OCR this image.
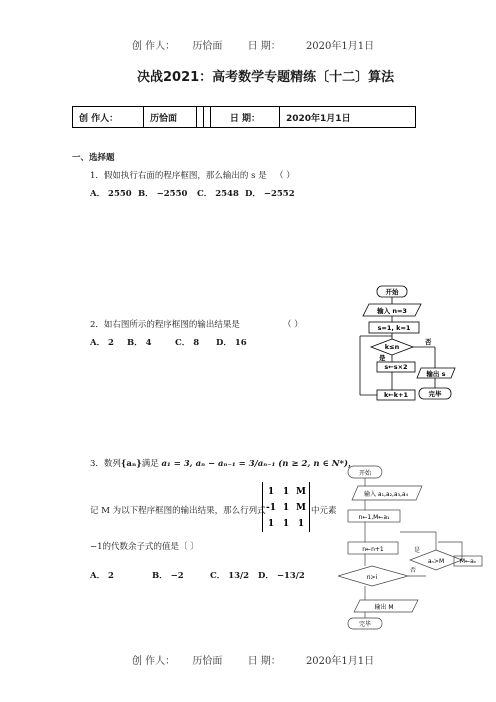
创 作人： 历恰面	日 期：	2020年1月1日
决战2021：高考数学专题精练〔十二〕算法
创 作人：	历恰面			日 期：	2020年1月1日
一、选择题
1．假如执行右面的程序框图，那么输出的 s 是 （ ）
A． 2550 B． −2550 C． 2548 D． −2552
2．如右图所示的程序框图的输出结果是	（ ）
A． 2 B． 4	C． 8 D． 16
开始
输入 n=3
s=1, k=1
k≤n
否
是
s←s×2
k←k+1
输出 s
完毕
3．数列{aₙ}满足 a₁ = 3, aₙ − aₙ₋₁ = 3/aₙ₋₁ (n ≥ 2, n ∈ N*)，
记 M 为以下程序框图的输出结果，那么行列式
1 1 M
-1 1 M
1 1 1
中元素
−1的代数余子式的值是〔 〕
A． 2	B． −2	C． 13/2 D． −13/2
开始
输入 a₁,a₂,a₃,a₄
n←1,M←a₁
n←n+1
n>i
aₙ>M
否
是
M←aₙ
输出 M
完毕
创 作人： 历恰面	日 期：	2020年1月1日
